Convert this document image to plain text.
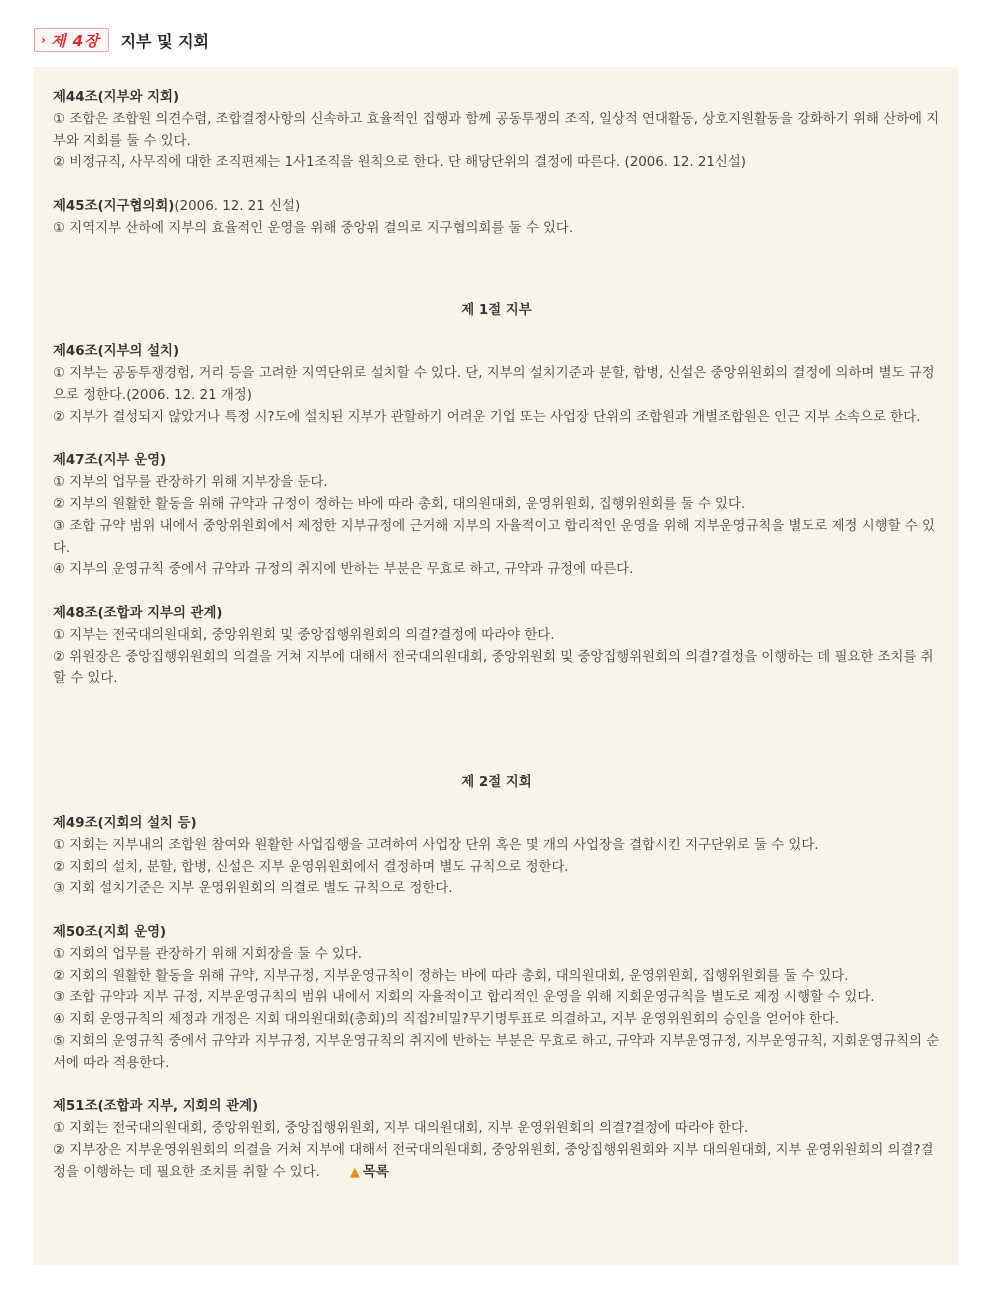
› 제 4장 지부 및 지회
제44조(지부와 지회)

① 조합은 조합원 의견수렴, 조합결정사항의 신속하고 효율적인 집행과 함께 공동투쟁의 조직, 일상적 연대활동, 상호지원활동을 강화하기 위해 산하에 지부와 지회를 둘 수 있다.

② 비정규직, 사무직에 대한 조직편제는 1사1조직을 원칙으로 한다. 단 해당단위의 결정에 따른다. (2006. 12. 21신설)

제45조(지구협의회)(2006. 12. 21 신설)

① 지역지부 산하에 지부의 효율적인 운영을 위해 중앙위 결의로 지구협의회를 둘 수 있다.

제 1절 지부
제46조(지부의 설치)

① 지부는 공동투쟁경험, 거리 등을 고려한 지역단위로 설치할 수 있다. 단, 지부의 설치기준과 분할, 합병, 신설은 중앙위원회의 결정에 의하며 별도 규정으로 정한다.(2006. 12. 21 개정)

② 지부가 결성되지 않았거나 특정 시?도에 설치된 지부가 관할하기 어려운 기업 또는 사업장 단위의 조합원과 개별조합원은 인근 지부 소속으로 한다.

제47조(지부 운영)

① 지부의 업무를 관장하기 위해 지부장을 둔다.

② 지부의 원활한 활동을 위해 규약과 규정이 정하는 바에 따라 총회, 대의원대회, 운영위원회, 집행위원회를 둘 수 있다.

③ 조합 규약 범위 내에서 중앙위원회에서 제정한 지부규정에 근거해 지부의 자율적이고 합리적인 운영을 위해 지부운영규칙을 별도로 제정 시행할 수 있다.

④ 지부의 운영규칙 중에서 규약과 규정의 취지에 반하는 부분은 무효로 하고, 규약과 규정에 따른다.

제48조(조합과 지부의 관계)

① 지부는 전국대의원대회, 중앙위원회 및 중앙집행위원회의 의결?결정에 따라야 한다.

② 위원장은 중앙집행위원회의 의결을 거쳐 지부에 대해서 전국대의원대회, 중앙위원회 및 중앙집행위원회의 의결?결정을 이행하는 데 필요한 조치를 취할 수 있다.

제 2절 지회
제49조(지회의 설치 등)

① 지회는 지부내의 조합원 참여와 원활한 사업집행을 고려하여 사업장 단위 혹은 몇 개의 사업장을 결합시킨 지구단위로 둘 수 있다.

② 지회의 설치, 분할, 합병, 신설은 지부 운영위원회에서 결정하며 별도 규칙으로 정한다.

③ 지회 설치기준은 지부 운영위원회의 의결로 별도 규칙으로 정한다.

제50조(지회 운영)

① 지회의 업무를 관장하기 위해 지회장을 둘 수 있다.

② 지회의 원활한 활동을 위해 규약, 지부규정, 지부운영규칙이 정하는 바에 따라 총회, 대의원대회, 운영위원회, 집행위원회를 둘 수 있다.

③ 조합 규약과 지부 규정, 지부운영규칙의 범위 내에서 지회의 자율적이고 합리적인 운영을 위해 지회운영규칙을 별도로 제정 시행할 수 있다.

④ 지회 운영규칙의 제정과 개정은 지회 대의원대회(총회)의 직접?비밀?무기명투표로 의결하고, 지부 운영위원회의 승인을 얻어야 한다.

⑤ 지회의 운영규칙 중에서 규약과 지부규정, 지부운영규칙의 취지에 반하는 부분은 무효로 하고, 규약과 지부운영규정, 지부운영규칙, 지회운영규칙의 순서에 따라 적용한다.

제51조(조합과 지부, 지회의 관계)

① 지회는 전국대의원대회, 중앙위원회, 중앙집행위원회, 지부 대의원대회, 지부 운영위원회의 의결?결정에 따라야 한다.

② 지부장은 지부운영위원회의 의결을 거쳐 지부에 대해서 전국대의원대회, 중앙위원회, 중앙집행위원회와 지부 대의원대회, 지부 운영위원회의 의결?결정을 이행하는 데 필요한 조치를 취할 수 있다. ▲ 목록
